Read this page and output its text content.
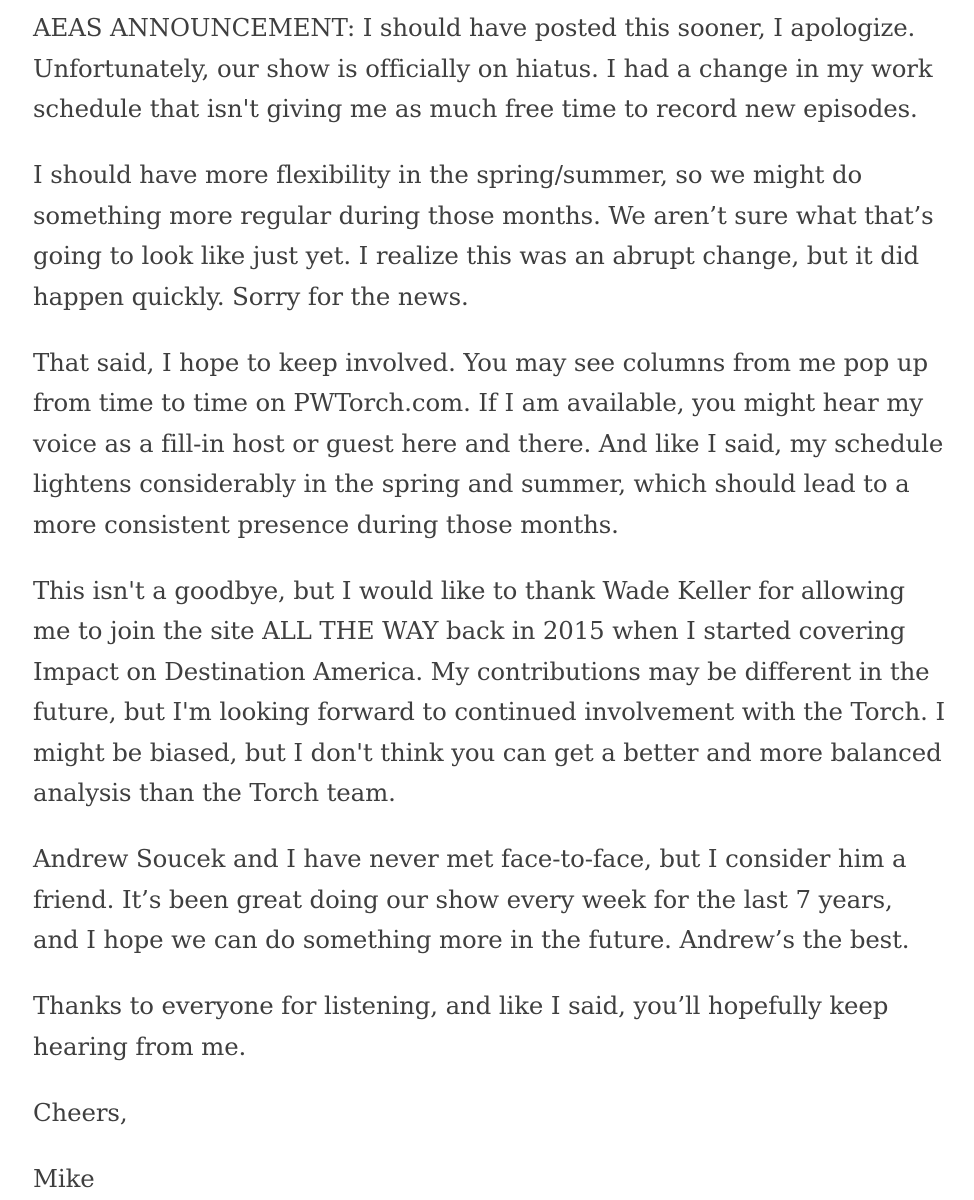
AEAS ANNOUNCEMENT: I should have posted this sooner, I apologize. Unfortunately, our show is officially on hiatus. I had a change in my work schedule that isn't giving me as much free time to record new episodes.

I should have more flexibility in the spring/summer, so we might do something more regular during those months. We aren’t sure what that’s going to look like just yet. I realize this was an abrupt change, but it did happen quickly. Sorry for the news.

That said, I hope to keep involved. You may see columns from me pop up from time to time on PWTorch.com. If I am available, you might hear my voice as a fill-in host or guest here and there. And like I said, my schedule lightens considerably in the spring and summer, which should lead to a more consistent presence during those months.

This isn't a goodbye, but I would like to thank Wade Keller for allowing me to join the site ALL THE WAY back in 2015 when I started covering Impact on Destination America. My contributions may be different in the future, but I'm looking forward to continued involvement with the Torch. I might be biased, but I don't think you can get a better and more balanced analysis than the Torch team.

Andrew Soucek and I have never met face-to-face, but I consider him a friend. It’s been great doing our show every week for the last 7 years, and I hope we can do something more in the future. Andrew’s the best.

Thanks to everyone for listening, and like I said, you’ll hopefully keep hearing from me.

Cheers,

Mike
